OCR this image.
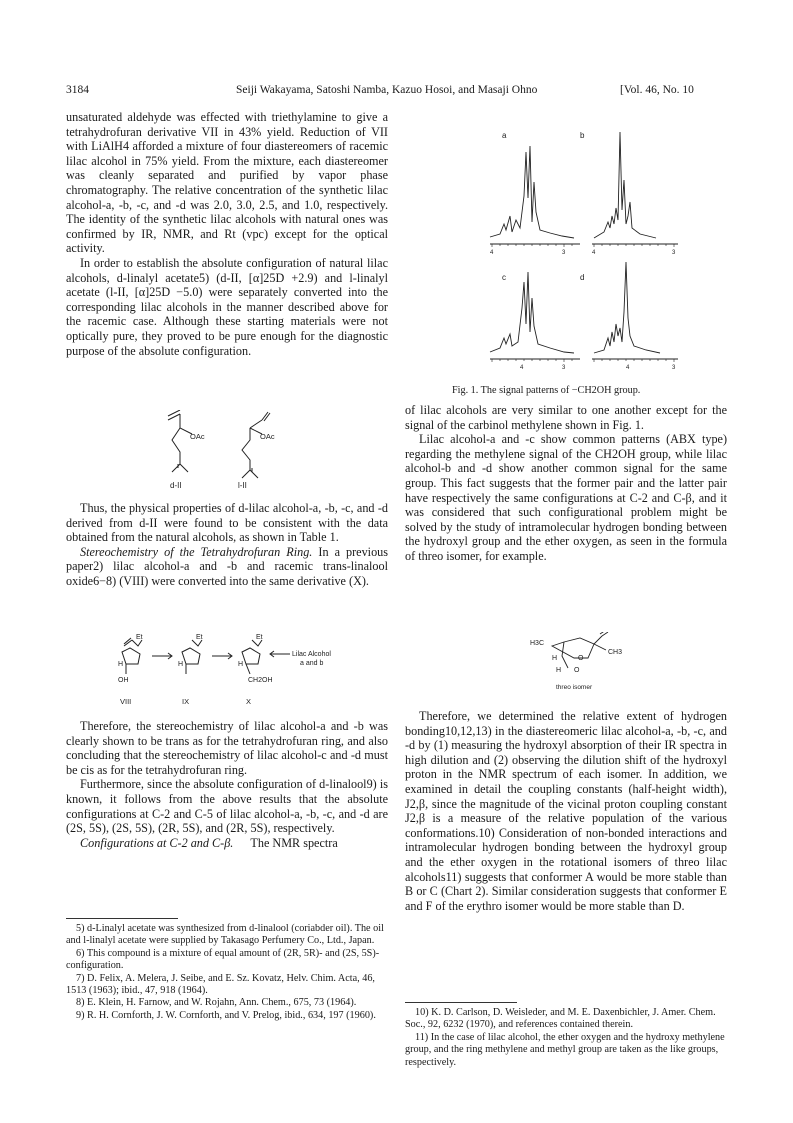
3184	Seiji Wakayama, Satoshi Namba, Kazuo Hosoi, and Masaji Ohno	[Vol. 46, No. 10

unsaturated aldehyde was effected with triethylamine to give a tetrahydrofuran derivative VII in 43% yield. Reduction of VII with LiAlH4 afforded a mixture of four diastereomers of racemic lilac alcohol in 75% yield. From the mixture, each diastereomer was cleanly separated and purified by vapor phase chromatography. The relative concentration of the synthetic lilac alcohol-a, -b, -c, and -d was 2.0, 3.0, 2.5, and 1.0, respectively. The identity of the synthetic lilac alcohols with natural ones was confirmed by IR, NMR, and Rt (vpc) except for the optical activity.

In order to establish the absolute configuration of natural lilac alcohols, d-linalyl acetate5) (d-II, [α]25D +2.9) and l-linalyl acetate (l-II, [α]25D −5.0) were separately converted into the corresponding lilac alcohols in the manner described above for the racemic case. Although these starting materials were not optically pure, they proved to be pure enough for the diagnostic purpose of the absolute configuration.

OAc	OAc
d-II	l-II

Thus, the physical properties of d-lilac alcohol-a, -b, -c, and -d derived from d-II were found to be consistent with the data obtained from the natural alcohols, as shown in Table 1.

Stereochemistry of the Tetrahydrofuran Ring. In a previous paper2) lilac alcohol-a and -b and racemic trans-linalool oxide6−8) (VIII) were converted into the same derivative (X).

Et	Et	Et
H	H	H
OH	CH2OH
Lilac Alcohol
a and b
VIII	IX	X

Therefore, the stereochemistry of lilac alcohol-a and -b was clearly shown to be trans as for the tetrahydrofuran ring, and also concluding that the stereochemistry of lilac alcohol-c and -d must be cis as for the tetrahydrofuran ring.

Furthermore, since the absolute configuration of d-linalool9) is known, it follows from the above results that the absolute configurations at C-2 and C-5 of lilac alcohol-a, -b, -c, and -d are (2S, 5S), (2S, 5S), (2R, 5S), and (2R, 5S), respectively.

Configurations at C-2 and C-β. The NMR spectra

5) d-Linalyl acetate was synthesized from d-linalool (coriabder oil). The oil and l-linalyl acetate were supplied by Takasago Perfumery Co., Ltd., Japan.

6) This compound is a mixture of equal amount of (2R, 5R)- and (2S, 5S)-configuration.

7) D. Felix, A. Melera, J. Seibe, and E. Sz. Kovatz, Helv. Chim. Acta, 46, 1513 (1963); ibid., 47, 918 (1964).

8) E. Klein, H. Farnow, and W. Rojahn, Ann. Chem., 675, 73 (1964).

9) R. H. Cornforth, J. W. Cornforth, and V. Prelog, ibid., 634, 197 (1960).

a	b
c	d
4	3	4	3
4	3	4	3
Fig. 1. The signal patterns of −CH2OH group.

of lilac alcohols are very similar to one another except for the signal of the carbinol methylene shown in Fig. 1.

Lilac alcohol-a and -c show common patterns (ABX type) regarding the methylene signal of the CH2OH group, while lilac alcohol-b and -d show another common signal for the same group. This fact suggests that the former pair and the latter pair have respectively the same configurations at C-2 and C-β, and it was considered that such configurational problem might be solved by the study of intramolecular hydrogen bonding between the hydroxyl group and the ether oxygen, as seen in the formula of threo isomer, for example.

H3C
CH3
H	O
H O
threo isomer

Therefore, we determined the relative extent of hydrogen bonding10,12,13) in the diastereomeric lilac alcohol-a, -b, -c, and -d by (1) measuring the hydroxyl absorption of their IR spectra in high dilution and (2) observing the dilution shift of the hydroxyl proton in the NMR spectrum of each isomer. In addition, we examined in detail the coupling constants (half-height width), J2,β, since the magnitude of the vicinal proton coupling constant J2,β is a measure of the relative population of the various conformations.10) Consideration of non-bonded interactions and intramolecular hydrogen bonding between the hydroxyl group and the ether oxygen in the rotational isomers of threo lilac alcohols11) suggests that conformer A would be more stable than B or C (Chart 2). Similar consideration suggests that conformer E and F of the erythro isomer would be more stable than D.

10) K. D. Carlson, D. Weisleder, and M. E. Daxenbichler, J. Amer. Chem. Soc., 92, 6232 (1970), and references contained therein.

11) In the case of lilac alcohol, the ether oxygen and the hydroxy methylene group, and the ring methylene and methyl group are taken as the like groups, respectively.
